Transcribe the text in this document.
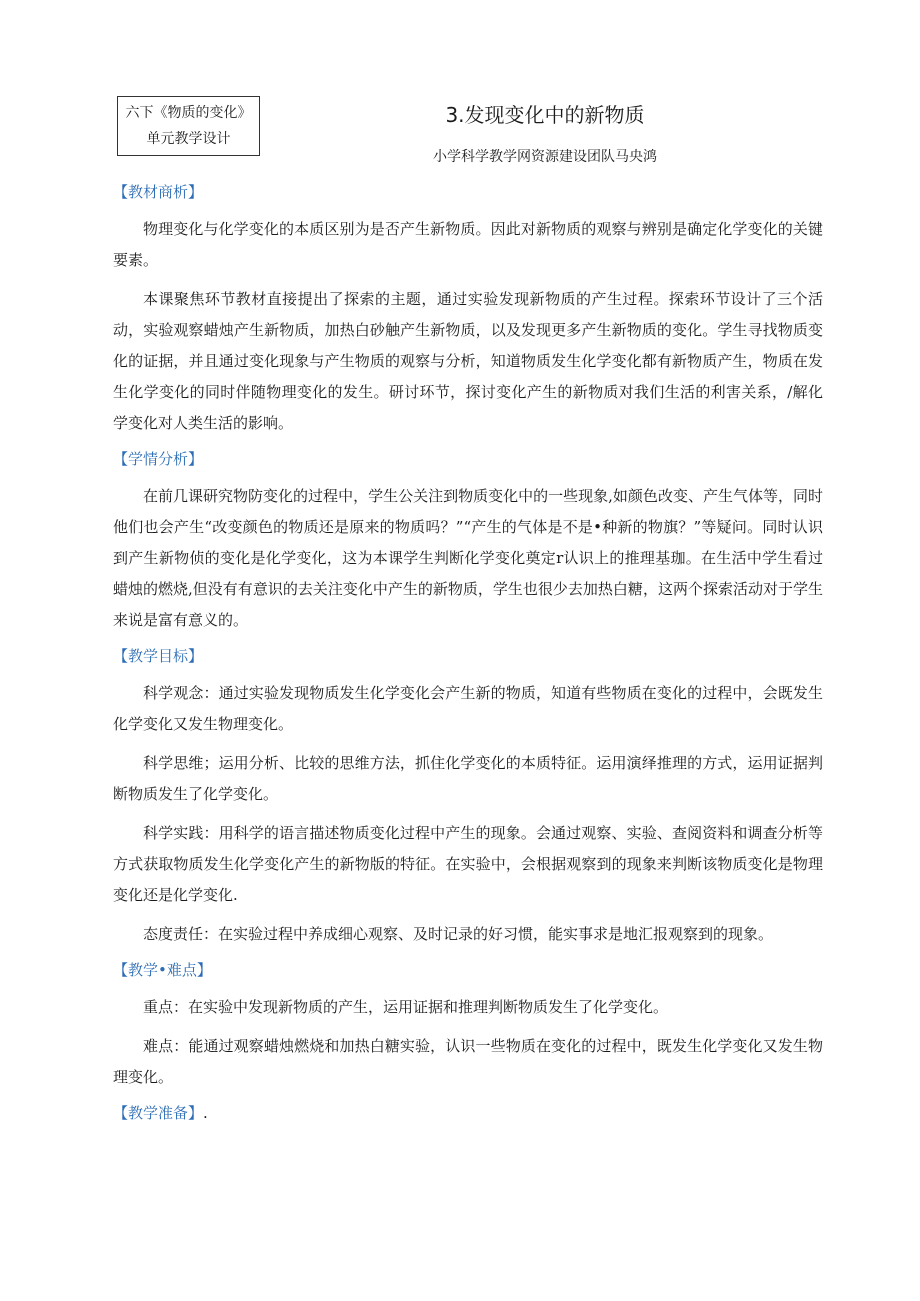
六下《物质的变化》
单元教学设计
3.发现变化中的新物质
小学科学教学网资源建设团队马央鸿
【教材商析】

物理变化与化学变化的本质区别为是否产生新物质。因此对新物质的观察与辨别是确定化学变化的关键要素。

本课聚焦环节教材直接提出了探索的主题，通过实验发现新物质的产生过程。探索环节设计了三个活动，实验观察蜡烛产生新物质，加热白砂触产生新物质，以及发现更多产生新物质的变化。学生寻找物质变化的证据，并且通过变化现象与产生物质的观察与分析，知道物质发生化学变化都有新物质产生，物质在发生化学变化的同时伴随物理变化的发生。研讨环节，探讨变化产生的新物质对我们生活的利害关系，/解化学变化对人类生活的影响。

【学情分析】

在前几课研究物防变化的过程中，学生公关注到物质变化中的一些现象,如颜色改变、产生气体等，同时他们也会产生“改变颜色的物质还是原来的物质吗？”“产生的气体是不是•种新的物旗？”等疑问。同时认识到产生新物侦的变化是化学变化，这为本课学生判断化学变化奠定r认识上的推理基珈。在生活中学生看过蜡烛的燃烧,但没有有意识的去关注变化中产生的新物质，学生也很少去加热白糖，这两个探索活动对于学生来说是富有意义的。

【教学目标】

科学观念：通过实验发现物质发生化学变化会产生新的物质，知道有些物质在变化的过程中，会既发生化学变化又发生物理变化。

科学思维；运用分析、比较的思维方法，抓住化学变化的本质特征。运用演绎推理的方式，运用证据判断物质发生了化学变化。

科学实践：用科学的语言描述物质变化过程中产生的现象。会通过观察、实验、查阅资料和调查分析等方式获取物质发生化学变化产生的新物版的特征。在实验中，会根据观察到的现象来判断该物质变化是物理变化还是化学变化.

态度责任：在实验过程中养成细心观察、及时记录的好习惯，能实事求是地汇报观察到的现象。

【教学•难点】

重点：在实验中发现新物质的产生，运用证据和推理判断物质发生了化学变化。

难点：能通过观察蜡烛燃烧和加热白糖实验，认识一些物质在变化的过程中，既发生化学变化又发生物理变化。

【教学准备】.
